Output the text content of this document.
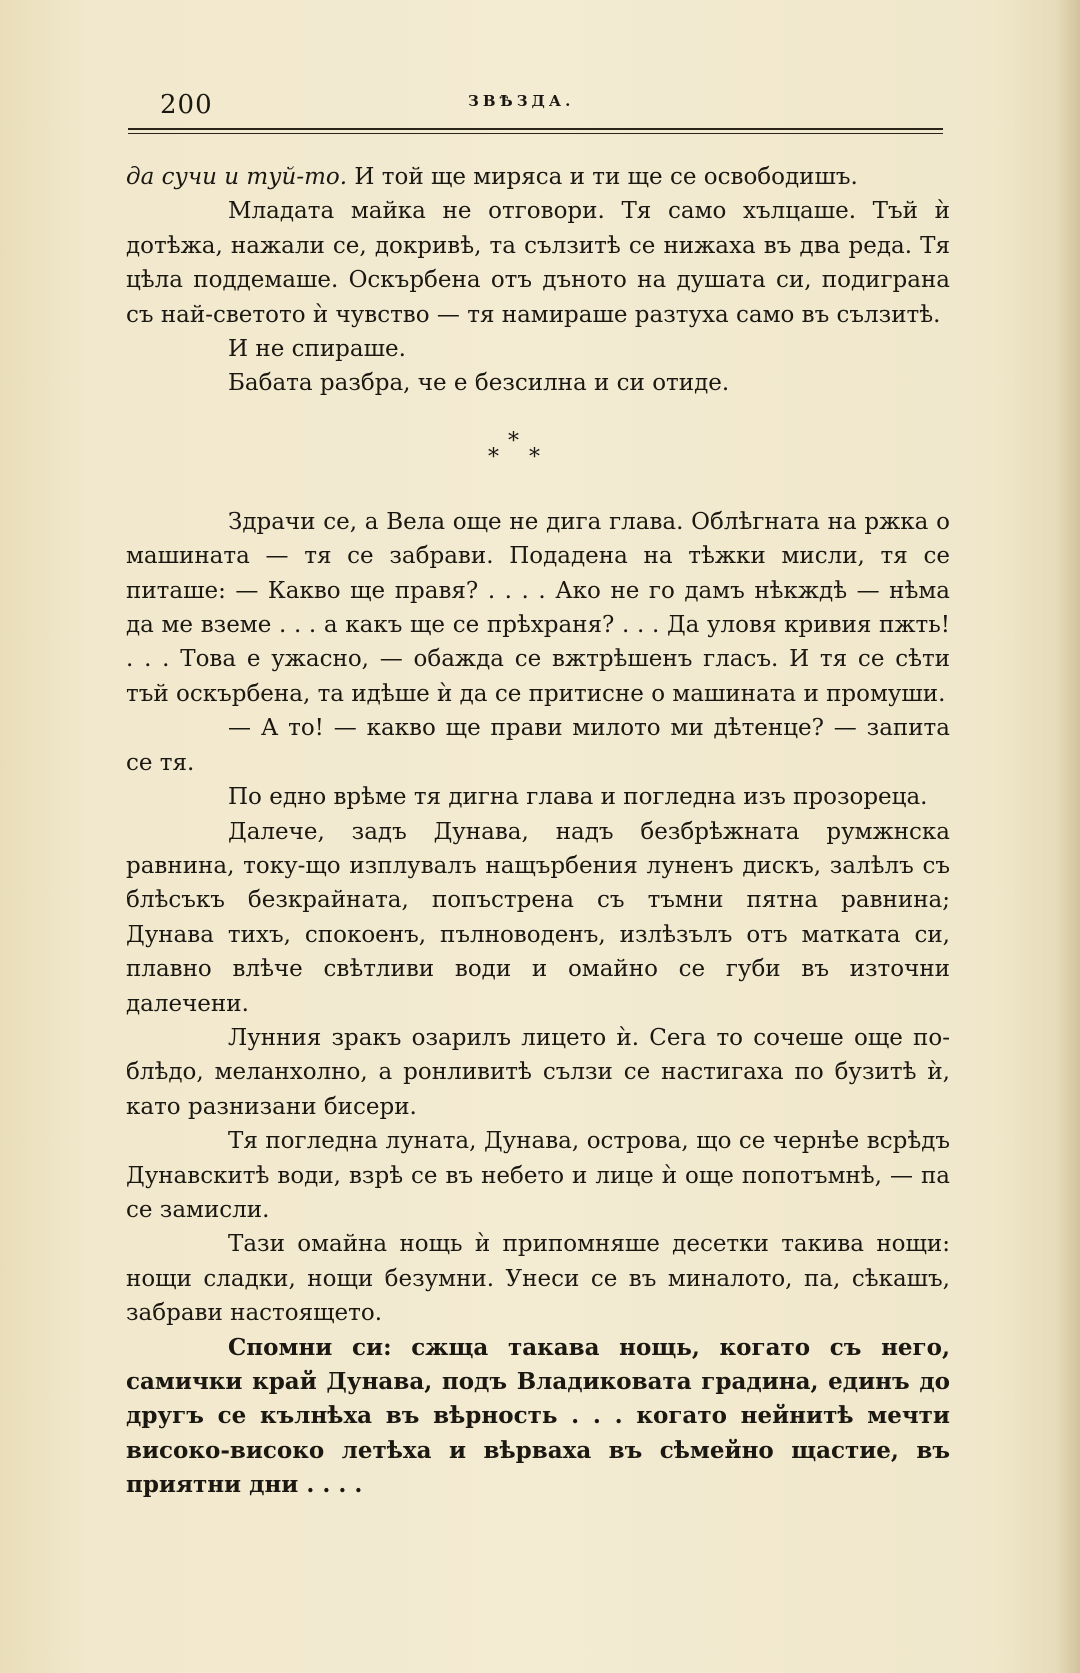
200	ЗВѢЗДА.

да сучи и туй-то. И той ще миряса и ти ще се освободишъ.

Младата майка не отговори. Тя само хълцаше. Тъй ѝ дотѣжа, нажали се, докривѣ, та сълзитѣ се нижаха въ два реда. Тя цѣла поддемаше. Оскърбена отъ дъното на душата си, подиграна съ най-светото ѝ чувство — тя намираше разтуха само въ сълзитѣ.

И не спираше.

Бабата разбра, че е безсилна и си отиде.

*
* *

Здрачи се, а Вела още не дига глава. Облѣгната на ржка о машината — тя се забрави. Подадена на тѣжки мисли, тя се питаше: — Какво ще правя? . . . . Ако не го дамъ нѣкждѣ — нѣма да ме вземе . . . а какъ ще се прѣхраня? . . . Да уловя кривия пжть! . . . Това е ужасно, — обажда се вжтрѣшенъ гласъ. И тя се сѣти тъй оскърбена, та идѣше ѝ да се притисне о машината и промуши.

— А то! — какво ще прави милото ми дѣтенце? — запита се тя.

По едно врѣме тя дигна глава и погледна изъ прозореца.

Далече, задъ Дунава, надъ безбрѣжната румжнска равнина, току-що изплувалъ нащърбения луненъ дискъ, залѣлъ съ блѣсъкъ безкрайната, попъстрена съ тъмни пятна равнина; Дунава тихъ, спокоенъ, пълноводенъ, излѣзълъ отъ матката си, плавно влѣче свѣтливи води и омайно се губи въ източни далечени.

Лунния зракъ озарилъ лицето ѝ. Сега то сочеше още по-блѣдо, меланхолно, а ронливитѣ сълзи се настигаха по бузитѣ ѝ, като разнизани бисери.

Тя погледна луната, Дунава, острова, що се чернѣе всрѣдъ Дунавскитѣ води, взрѣ се въ небето и лице ѝ още попотъмнѣ, — па се замисли.

Тази омайна нощь ѝ припомняше десетки такива нощи: нощи сладки, нощи безумни. Унеси се въ миналото, па, сѣкашъ, забрави настоящето.

Спомни си: сжща такава нощь, когато съ него, самички край Дунава, подъ Владиковата градина, единъ до другъ се кълнѣха въ вѣрность . . . когато нейнитѣ мечти високо-високо летѣха и вѣрваха въ сѣмейно щастие, въ приятни дни . . . .
